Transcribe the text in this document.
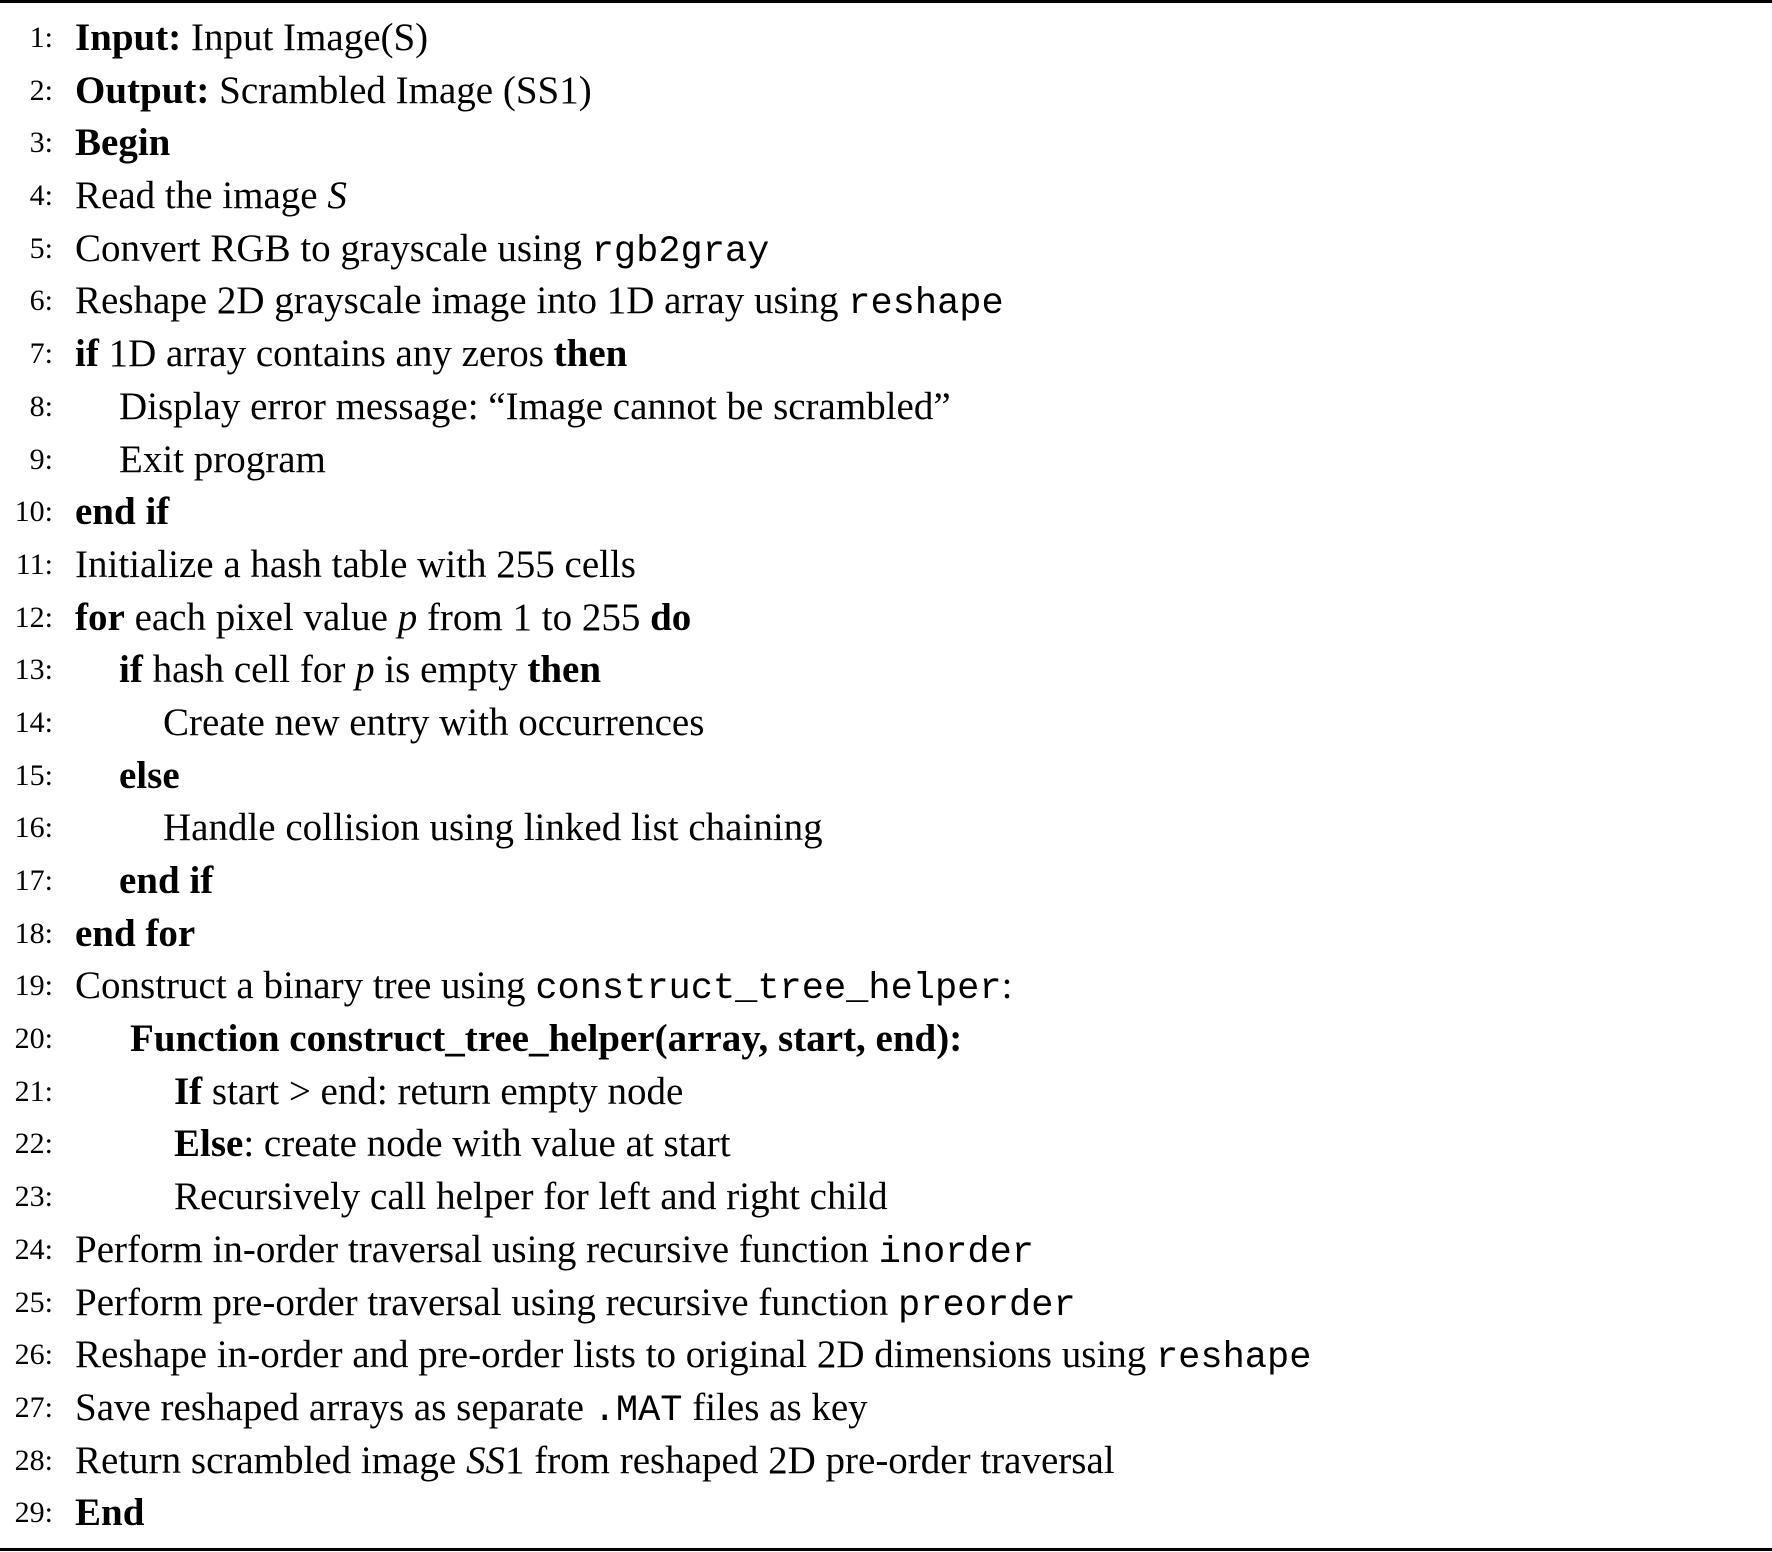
1: Input: Input Image(S)
2: Output: Scrambled Image (SS1)
3: Begin
4: Read the image S
5: Convert RGB to grayscale using rgb2gray
6: Reshape 2D grayscale image into 1D array using reshape
7: if 1D array contains any zeros then
8: Display error message: “Image cannot be scrambled”
9: Exit program
10: end if
11: Initialize a hash table with 255 cells
12: for each pixel value p from 1 to 255 do
13: if hash cell for p is empty then
14:	Create new entry with occurrences
15: else
16:	Handle collision using linked list chaining
17: end if
18: end for
19: Construct a binary tree using construct_tree_helper:
20: Function construct_tree_helper(array, start, end):
21:	If start > end: return empty node
22:	Else: create node with value at start
23:	Recursively call helper for left and right child
24: Perform in-order traversal using recursive function inorder
25: Perform pre-order traversal using recursive function preorder
26: Reshape in-order and pre-order lists to original 2D dimensions using reshape
27: Save reshaped arrays as separate .MAT files as key
28: Return scrambled image SS1 from reshaped 2D pre-order traversal
29: End
